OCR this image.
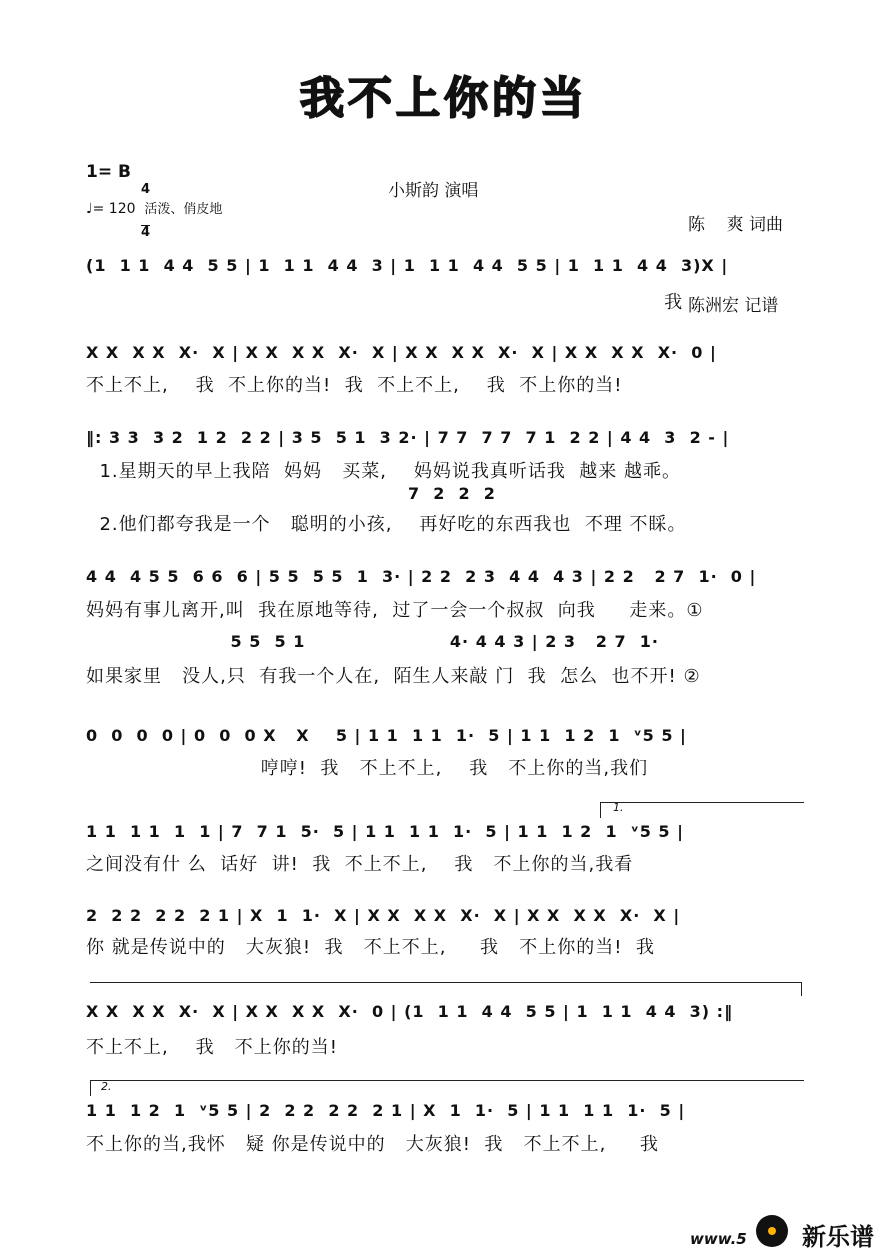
我不上你的当
1= B

4

4

♩= 120 活泼、俏皮地
小斯韵 演唱

陈    爽 词曲

陈洲宏 记谱

(1  1 1  4 4  5 5 | 1  1 1  4 4  3 | 1  1 1  4 4  5 5 | 1  1 1  4 4  3)X |
我
X X  X X  X·  X | X X  X X  X·  X | X X  X X  X·  X | X X  X X  X·  0 |
不上不上,    我  不上你的当!  我  不上不上,    我  不上你的当!
‖: 3 3  3 2  1 2  2 2 | 3 5  5 1  3 2· | 7 7  7 7  7 1  2 2 | 4 4  3  2 - |
1.星期天的早上我陪  妈妈   买菜,    妈妈说我真听话我  越来 越乖。
7  2  2  2
2.他们都夸我是一个   聪明的小孩,    再好吃的东西我也  不理 不睬。
4 4  4 5 5  6 6  6 | 5 5  5 5  1  3· | 2 2  2 3  4 4  4 3 | 2 2   2 7  1·  0 |
妈妈有事儿离开,叫  我在原地等待,  过了一会一个叔叔  向我     走来。①
5 5  5 1                      4· 4 4 3 | 2 3   2 7  1·
如果家里   没人,只  有我一个人在,  陌生人来敲 门  我  怎么  也不开! ②
0  0  0  0 | 0  0  0 X   X    5 | 1 1  1 1  1·  5 | 1 1  1 2  1  ᵛ5 5 |
哼哼!  我   不上不上,    我   不上你的当,我们
1.
1 1  1 1  1  1 | 7  7 1  5·  5 | 1 1  1 1  1·  5 | 1 1  1 2  1  ᵛ5 5 |
之间没有什 么  话好  讲!  我  不上不上,    我   不上你的当,我看
2  2 2  2 2  2 1 | X  1  1·  X | X X  X X  X·  X | X X  X X  X·  X |
你 就是传说中的   大灰狼!  我   不上不上,     我   不上你的当!  我
X X  X X  X·  X | X X  X X  X·  0 | (1  1 1  4 4  5 5 | 1  1 1  4 4  3) :‖
不上不上,    我   不上你的当!
2.
1 1  1 2  1  ᵛ5 5 | 2  2 2  2 2  2 1 | X  1  1·  5 | 1 1  1 1  1·  5 |
不上你的当,我怀   疑 你是传说中的   大灰狼!  我   不上不上,     我
www.5 新乐谱
